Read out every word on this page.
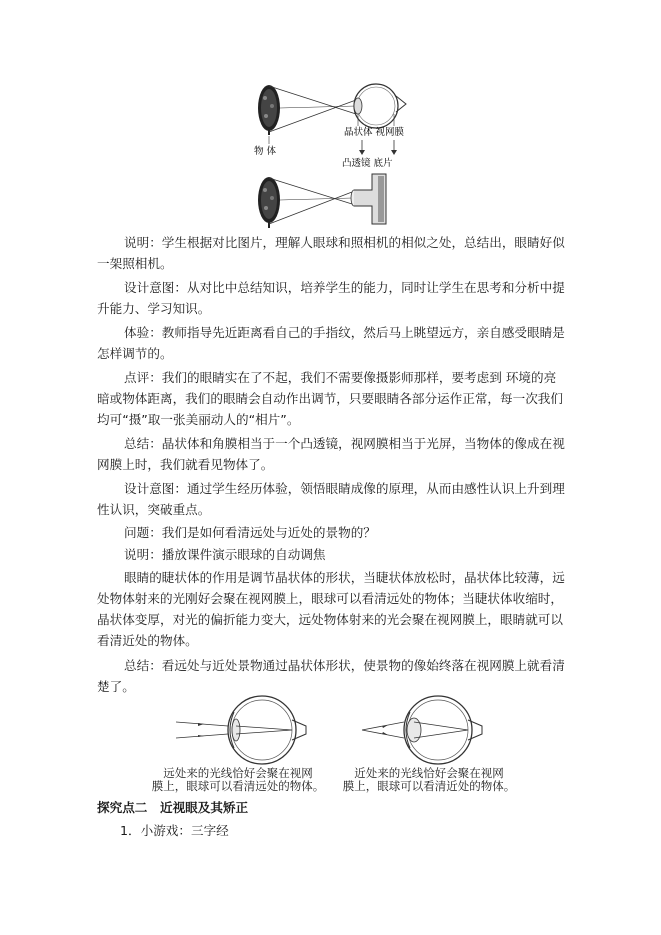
晶状体 视网膜
凸透镜 底片
物 体

说明：学生根据对比图片，理解人眼球和照相机的相似之处，总结出，眼睛好似一架照相机。

设计意图：从对比中总结知识，培养学生的能力，同时让学生在思考和分析中提升能力、学习知识。

体验：教师指导先近距离看自己的手指纹，然后马上眺望远方，亲自感受眼睛是怎样调节的。

点评：我们的眼睛实在了不起，我们不需要像摄影师那样，要考虑到 环境的亮暗或物体距离，我们的眼睛会自动作出调节，只要眼睛各部分运作正常，每一次我们均可“摄”取一张美丽动人的“相片”。

总结：晶状体和角膜相当于一个凸透镜，视网膜相当于光屏，当物体的像成在视网膜上时，我们就看见物体了。

设计意图：通过学生经历体验，领悟眼睛成像的原理，从而由感性认识上升到理性认识，突破重点。

问题：我们是如何看清远处与近处的景物的？

说明：播放课件演示眼球的自动调焦

眼睛的睫状体的作用是调节晶状体的形状，当睫状体放松时，晶状体比较薄，远处物体射来的光刚好会聚在视网膜上，眼球可以看清远处的物体；当睫状体收缩时，晶状体变厚，对光的偏折能力变大，远处物体射来的光会聚在视网膜上，眼睛就可以看清近处的物体。

总结：看远处与近处景物通过晶状体形状，使景物的像始终落在视网膜上就看清楚了。

远处来的光线恰好会聚在视网
膜上，眼球可以看清远处的物体。
近处来的光线恰好会聚在视网
膜上，眼球可以看清近处的物体。
探究点二　近视眼及其矫正
1．小游戏：三字经
